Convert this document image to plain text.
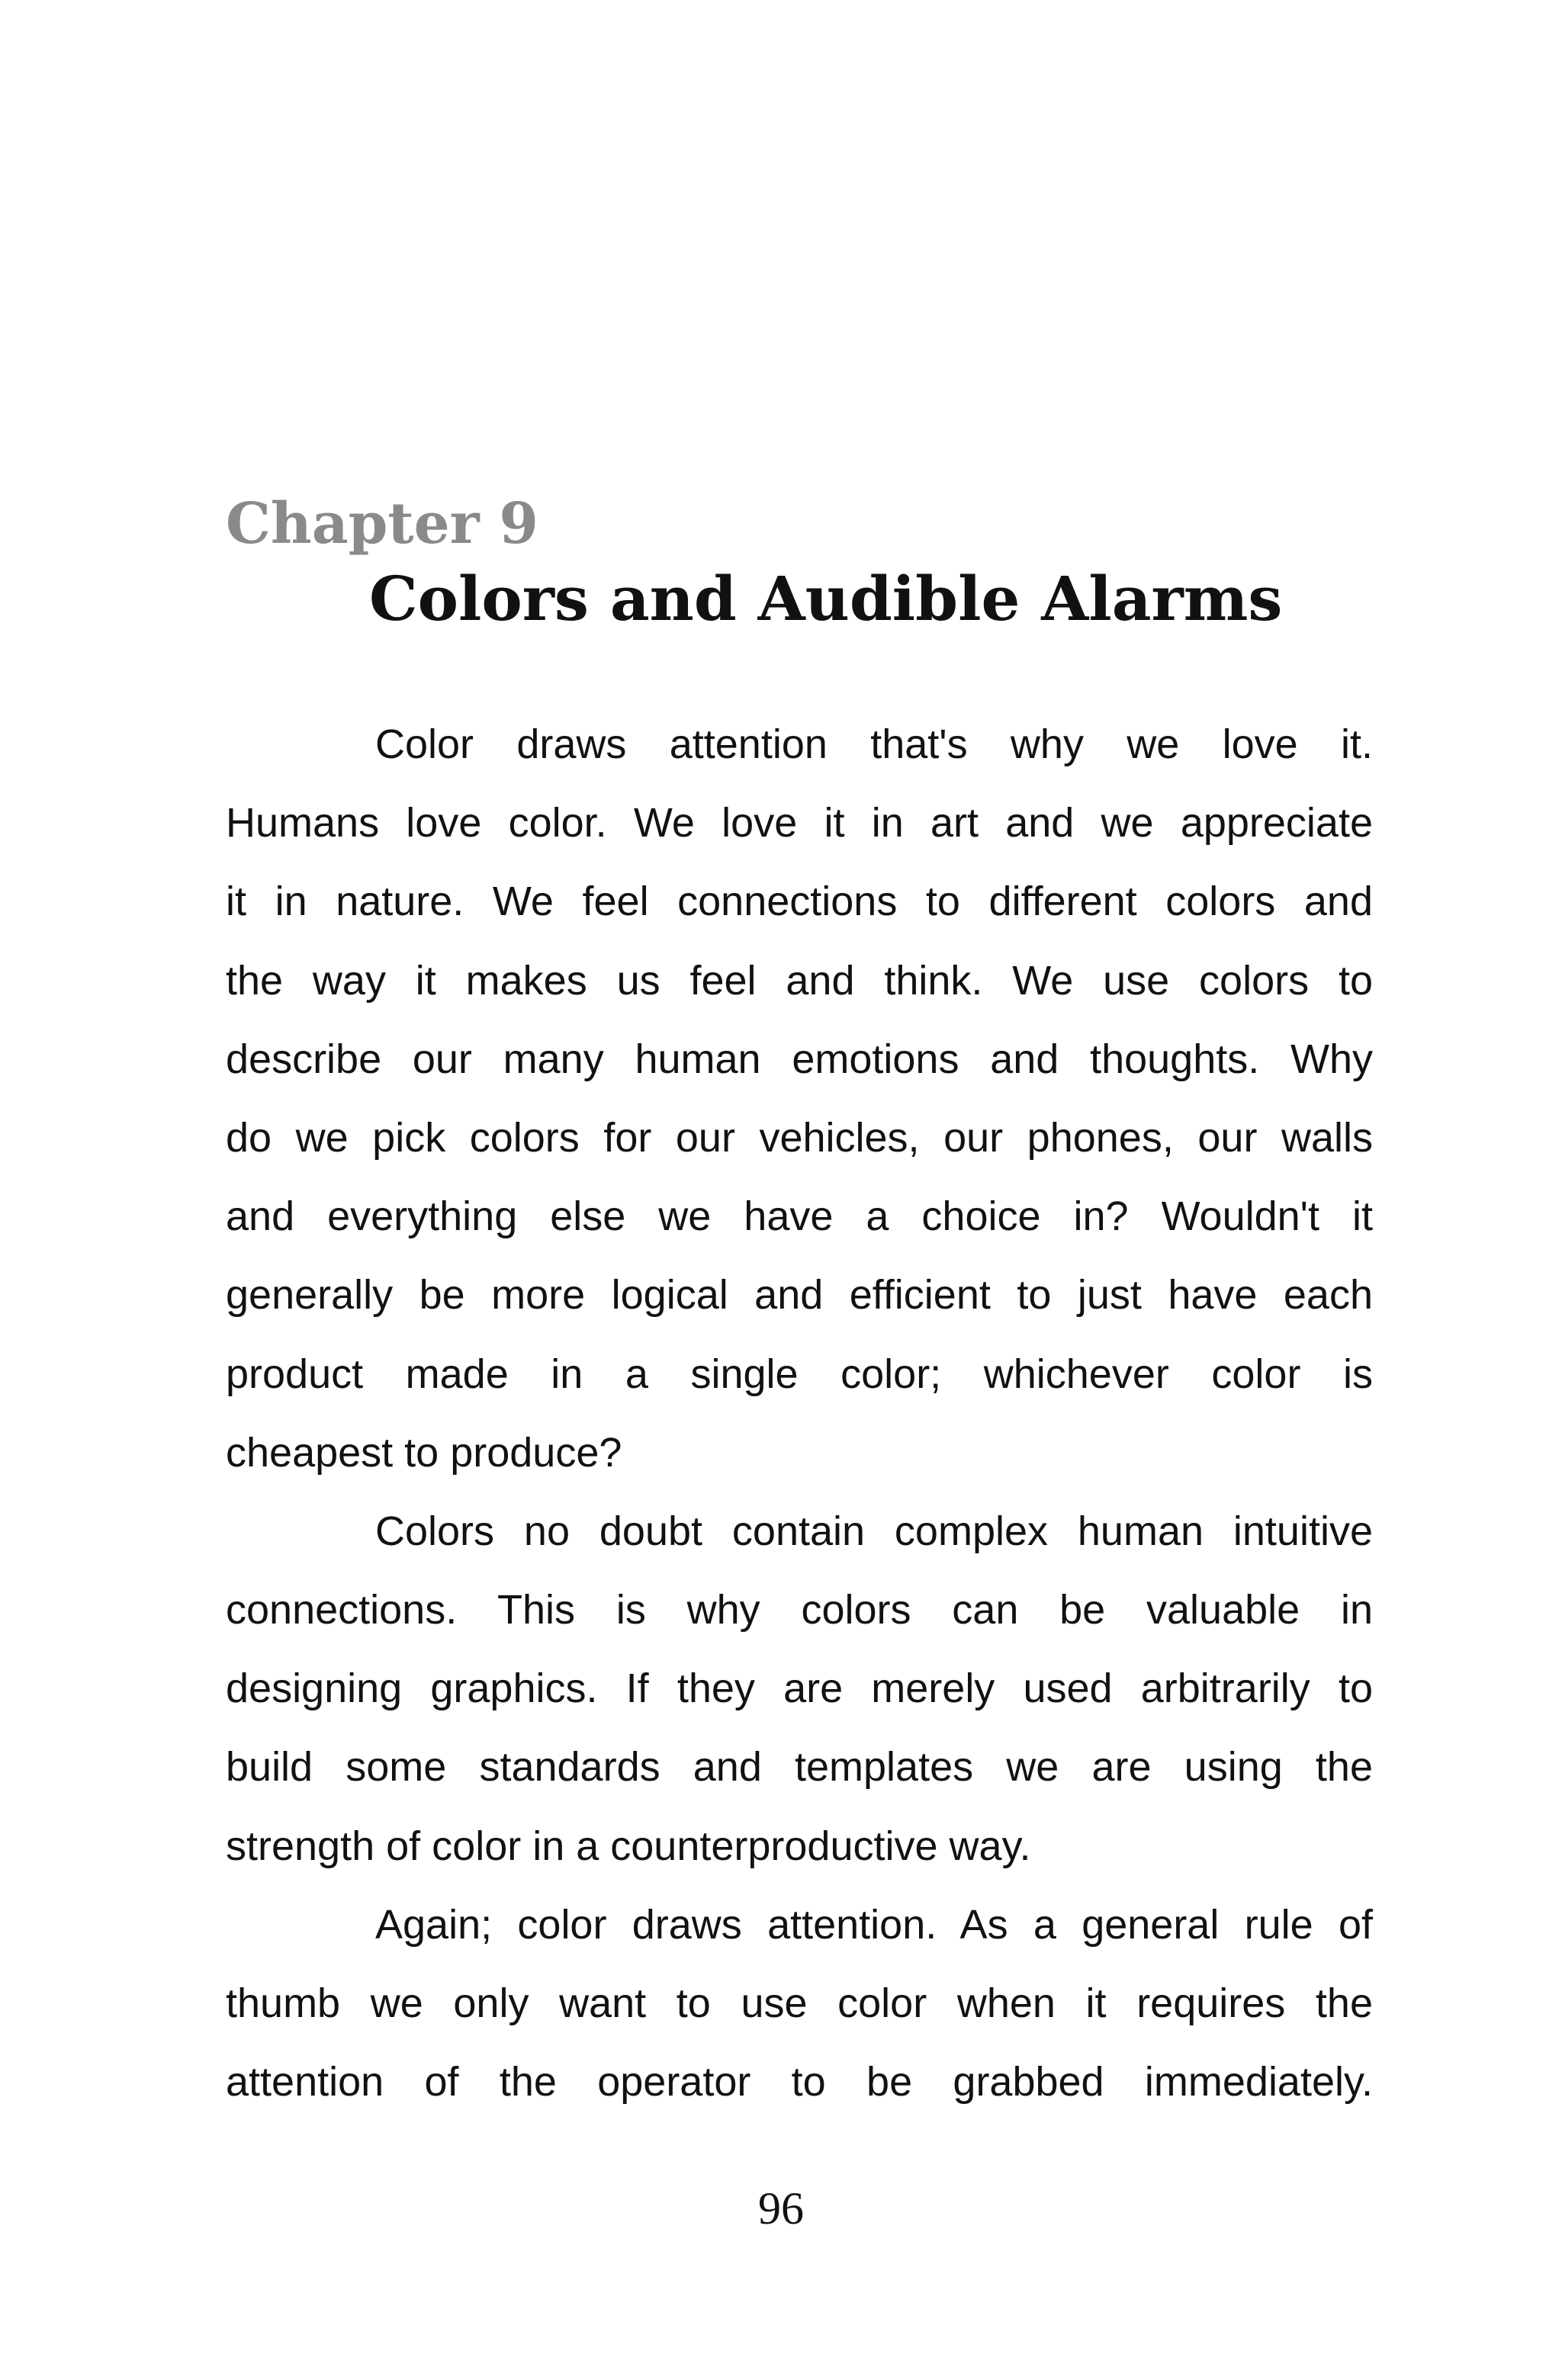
Chapter 9
Colors and Audible Alarms
Color draws attention that's why we love it.
Humans love color. We love it in art and we appreciate
it in nature. We feel connections to different colors and
the way it makes us feel and think. We use colors to
describe our many human emotions and thoughts. Why
do we pick colors for our vehicles, our phones, our walls
and everything else we have a choice in? Wouldn't it
generally be more logical and efficient to just have each
product made in a single color; whichever color is
cheapest to produce?
Colors no doubt contain complex human intuitive
connections. This is why colors can be valuable in
designing graphics. If they are merely used arbitrarily to
build some standards and templates we are using the
strength of color in a counterproductive way.
Again; color draws attention. As a general rule of
thumb we only want to use color when it requires the
attention of the operator to be grabbed immediately.
96
